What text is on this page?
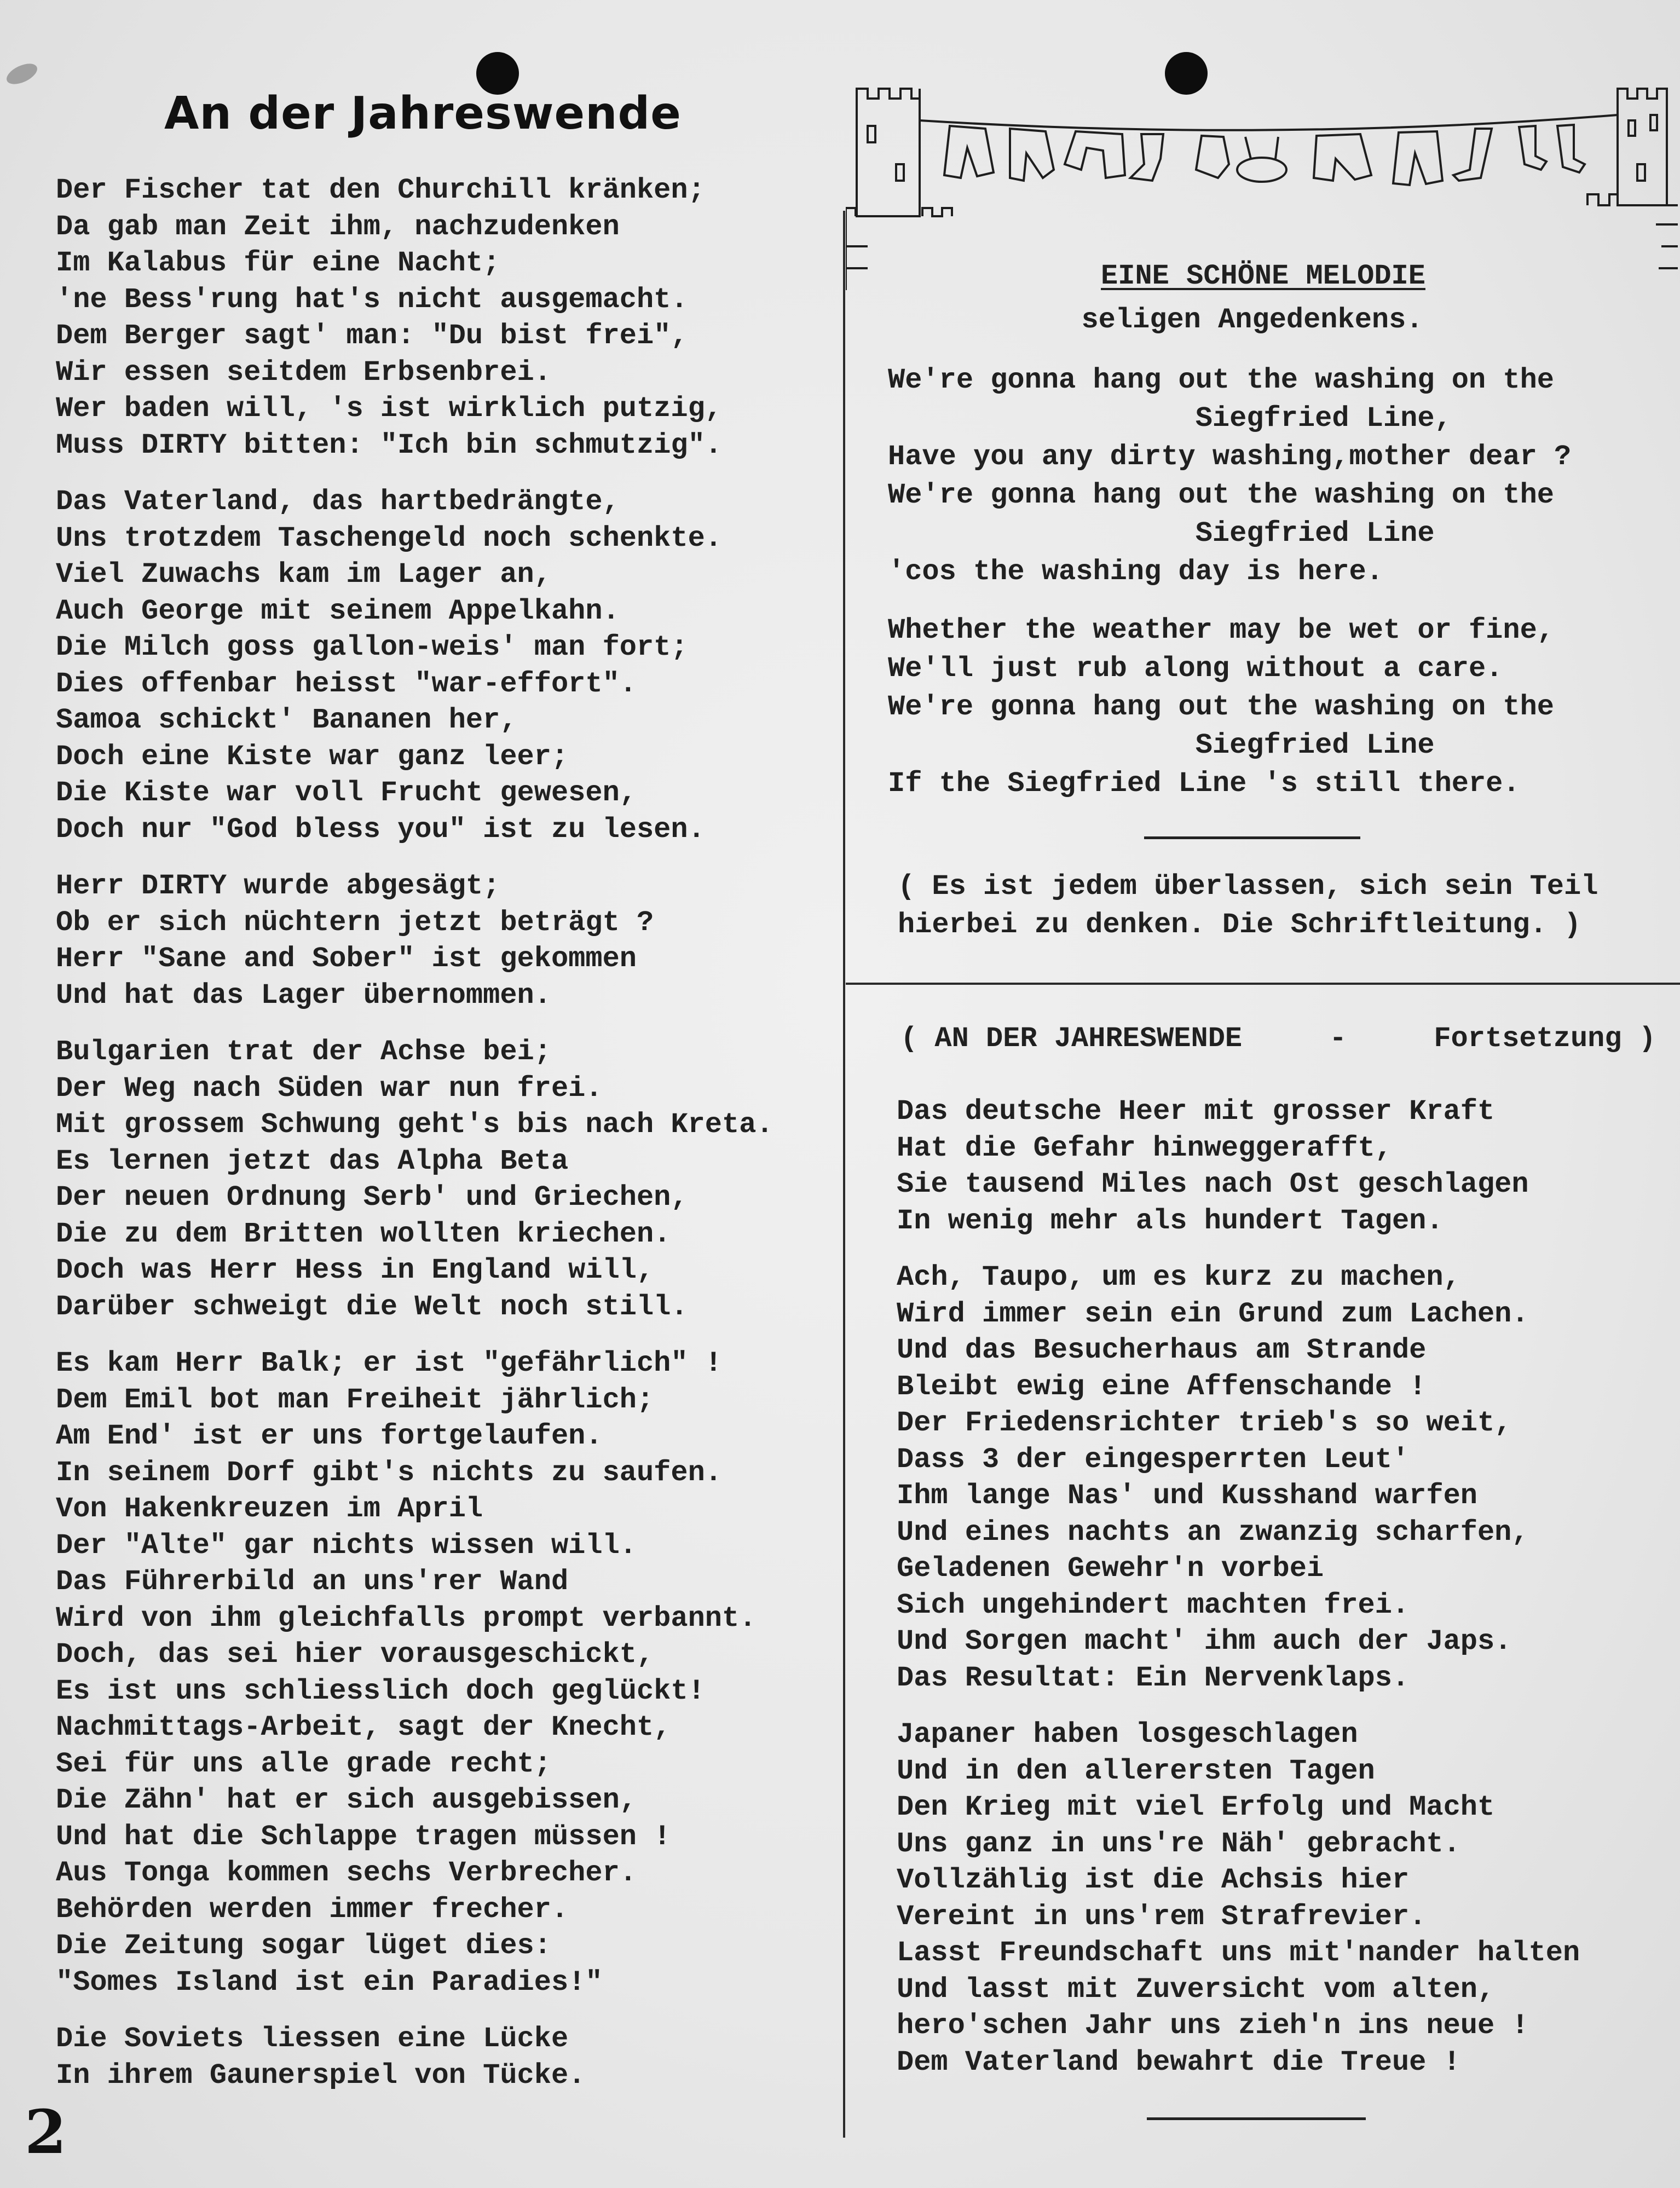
An der Jahreswende
Der Fischer tat den Churchill kränken;
Da gab man Zeit ihm, nachzudenken
Im Kalabus für eine Nacht;
'ne Bess'rung hat's nicht ausgemacht.
Dem Berger sagt' man: "Du bist frei",
Wir essen seitdem Erbsenbrei.
Wer baden will, 's ist wirklich putzig,
Muss DIRTY bitten: "Ich bin schmutzig".
Das Vaterland, das hartbedrängte,
Uns trotzdem Taschengeld noch schenkte.
Viel Zuwachs kam im Lager an,
Auch George mit seinem Appelkahn.
Die Milch goss gallon-weis' man fort;
Dies offenbar heisst "war-effort".
Samoa schickt' Bananen her,
Doch eine Kiste war ganz leer;
Die Kiste war voll Frucht gewesen,
Doch nur "God bless you" ist zu lesen.
Herr DIRTY wurde abgesägt;
Ob er sich nüchtern jetzt beträgt ?
Herr "Sane and Sober" ist gekommen
Und hat das Lager übernommen.
Bulgarien trat der Achse bei;
Der Weg nach Süden war nun frei.
Mit grossem Schwung geht's bis nach Kreta.
Es lernen jetzt das Alpha Beta
Der neuen Ordnung Serb' und Griechen,
Die zu dem Britten wollten kriechen.
Doch was Herr Hess in England will,
Darüber schweigt die Welt noch still.
Es kam Herr Balk; er ist "gefährlich" !
Dem Emil bot man Freiheit jährlich;
Am End' ist er uns fortgelaufen.
In seinem Dorf gibt's nichts zu saufen.
Von Hakenkreuzen im April
Der "Alte" gar nichts wissen will.
Das Führerbild an uns'rer Wand
Wird von ihm gleichfalls prompt verbannt.
Doch, das sei hier vorausgeschickt,
Es ist uns schliesslich doch geglückt!
Nachmittags-Arbeit, sagt der Knecht,
Sei für uns alle grade recht;
Die Zähn' hat er sich ausgebissen,
Und hat die Schlappe tragen müssen !
Aus Tonga kommen sechs Verbrecher.
Behörden werden immer frecher.
Die Zeitung sogar lüget dies:
"Somes Island ist ein Paradies!"
Die Soviets liessen eine Lücke
In ihrem Gaunerspiel von Tücke.
EINE SCHÖNE MELODIE
seligen Angedenkens.
We're gonna hang out the washing on the
Siegfried Line,
Have you any dirty washing,mother dear ?
We're gonna hang out the washing on the
Siegfried Line
'cos the washing day is here.
Whether the weather may be wet or fine,
We'll just rub along without a care.
We're gonna hang out the washing on the
Siegfried Line
If the Siegfried Line 's still there.
( Es ist jedem überlassen, sich sein Teil
hierbei zu denken. Die Schriftleitung. )
( AN DER JAHRESWENDE	-	Fortsetzung )
Das deutsche Heer mit grosser Kraft
Hat die Gefahr hinweggerafft,
Sie tausend Miles nach Ost geschlagen
In wenig mehr als hundert Tagen.
Ach, Taupo, um es kurz zu machen,
Wird immer sein ein Grund zum Lachen.
Und das Besucherhaus am Strande
Bleibt ewig eine Affenschande !
Der Friedensrichter trieb's so weit,
Dass 3 der eingesperrten Leut'
Ihm lange Nas' und Kusshand warfen
Und eines nachts an zwanzig scharfen,
Geladenen Gewehr'n vorbei
Sich ungehindert machten frei.
Und Sorgen macht' ihm auch der Japs.
Das Resultat: Ein Nervenklaps.
Japaner haben losgeschlagen
Und in den allerersten Tagen
Den Krieg mit viel Erfolg und Macht
Uns ganz in uns're Näh' gebracht.
Vollzählig ist die Achsis hier
Vereint in uns'rem Strafrevier.
Lasst Freundschaft uns mit'nander halten
Und lasst mit Zuversicht vom alten,
hero'schen Jahr uns zieh'n ins neue !
Dem Vaterland bewahrt die Treue !
2
